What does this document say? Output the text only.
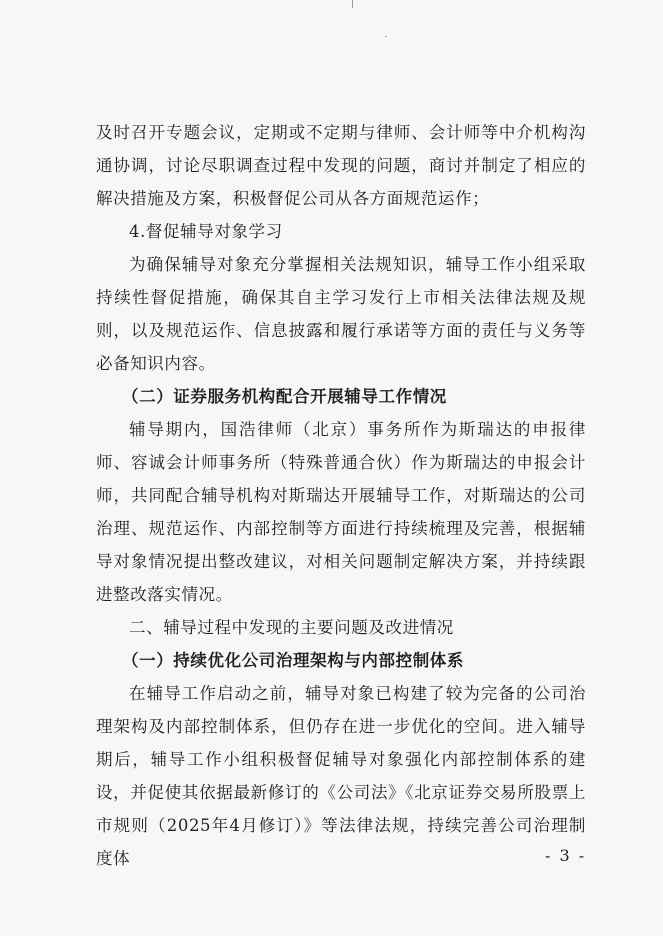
及时召开专题会议，定期或不定期与律师、会计师等中介机构沟通协调，讨论尽职调查过程中发现的问题，商讨并制定了相应的解决措施及方案，积极督促公司从各方面规范运作；

4.督促辅导对象学习

为确保辅导对象充分掌握相关法规知识，辅导工作小组采取持续性督促措施，确保其自主学习发行上市相关法律法规及规则，以及规范运作、信息披露和履行承诺等方面的责任与义务等必备知识内容。

（二）证券服务机构配合开展辅导工作情况

辅导期内，国浩律师（北京）事务所作为斯瑞达的申报律师、容诚会计师事务所（特殊普通合伙）作为斯瑞达的申报会计师，共同配合辅导机构对斯瑞达开展辅导工作，对斯瑞达的公司治理、规范运作、内部控制等方面进行持续梳理及完善，根据辅导对象情况提出整改建议，对相关问题制定解决方案，并持续跟进整改落实情况。

二、辅导过程中发现的主要问题及改进情况

（一）持续优化公司治理架构与内部控制体系

在辅导工作启动之前，辅导对象已构建了较为完备的公司治理架构及内部控制体系，但仍存在进一步优化的空间。进入辅导期后，辅导工作小组积极督促辅导对象强化内部控制体系的建设，并促使其依据最新修订的《公司法》《北京证券交易所股票上市规则（2025年4月修订）》等法律法规，持续完善公司治理制度体	- 3 -
